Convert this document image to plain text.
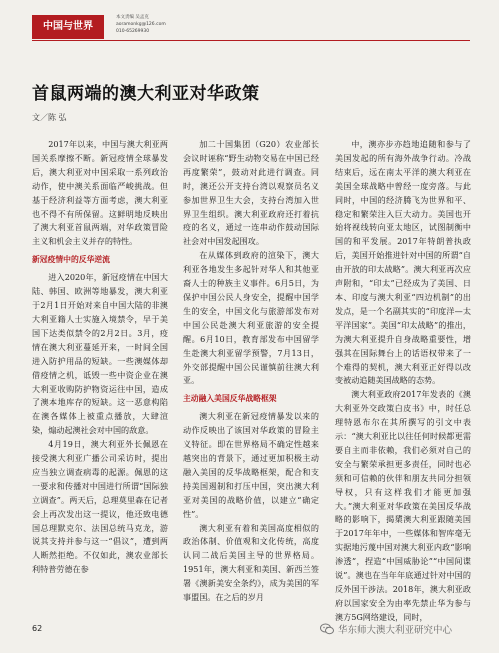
中国与世界
本文责编 吴孟克
aoramonkg@126.com
010-65269930
首鼠两端的澳大利亚对华政策
文／陈 弘

2017年以来，中国与澳大利亚两国关系摩擦不断。新冠疫情全球暴发后，澳大利亚对中国采取一系列政治动作，使中澳关系面临严峻挑战。但基于经济利益等方面考虑，澳大利亚也不得不有所保留。这鲜明地反映出了澳大利亚首鼠两端，对华政策冒险主义和机会主义并存的特性。

新冠疫情中的反华逆流

进入2020年，新冠疫情在中国大陆、韩国、欧洲等地暴发，澳大利亚于2月1日开始对来自中国大陆的非澳大利亚籍人士实施入境禁令，早于美国下达类似禁令的2月2日。3月，疫情在澳大利亚蔓延开来，一时间全国进入防护用品的短缺。一些澳媒体却借疫情之机，诋毁一些中资企业在澳大利亚收购防护物资运往中国，造成了澳本地库存的短缺。这一恶意构陷在澳各媒体上被重点播放，大肆渲染，煽动起澳社会对中国的敌意。

4月19日，澳大利亚外长佩恩在接受澳大利亚广播公司采访时，提出应当独立调查病毒的起源。佩恩的这一要求和传播对中国进行所谓“国际独立调查”。两天后，总理莫里森在记者会上再次发出这一提议，他还致电德国总理默克尔、法国总统马克龙，游说其支持并参与这一“倡议”，遭到两人断然拒绝。不仅如此，澳农业部长利特普劳德在参

加二十国集团（G20）农业部长会议时诬称“野生动物交易在中国已经再度繁荣”，鼓动对此进行调查。同时，澳还公开支持台湾以观察员名义参加世界卫生大会，支持台湾加入世界卫生组织。澳大利亚政府还打着抗疫的名义，通过一连串动作鼓动国际社会对中国发起围攻。

在从媒体到政府的渲染下，澳大利亚各地发生多起针对华人和其他亚裔人士的种族主义事件。6月5日，为保护中国公民人身安全，提醒中国学生的安全，中国文化与旅游部发布对中国公民赴澳大利亚旅游的安全提醒。6月10日，教育部发布中国留学生赴澳大利亚留学预警，7月13日，外交部提醒中国公民谨慎前往澳大利亚。

主动融入美国反华战略框架

澳大利亚在新冠疫情暴发以来的动作反映出了该国对华政策的冒险主义特征。即在世界格局不确定性越来越突出的背景下，通过更加积极主动融入美国的反华战略框架，配合和支持美国遏制和打压中国，突出澳大利亚对美国的战略价值，以建立“确定性”。

澳大利亚有着和美国高度相似的政治体制、价值观和文化传统，高度认同二战后美国主导的世界格局。1951年，澳大利亚和美国、新西兰签署《澳新美安全条约》，成为美国的军事盟国。在之后的岁月

中，澳亦步亦趋地追随和参与了美国发起的所有海外战争行动。冷战结束后，远在南太平洋的澳大利亚在美国全球战略中曾经一度旁落。与此同时，中国的经济腾飞为世界和平、稳定和繁荣注入巨大动力。美国也开始将视线转向亚太地区，试图制衡中国的和平发展。2017年特朗普执政后，美国开始推进针对中国的所谓“自由开放的印太战略”。澳大利亚再次应声附和，“印太”已经成为了美国、日本、印度与澳大利亚“四边机制”的出发点，是一个名副其实的“印度洋—太平洋国家”。美国“印太战略”的推出，为澳大利亚提升自身战略重要性，增强其在国际舞台上的话语权带来了一个难得的契机，澳大利亚正好得以改变被动追随美国战略的态势。

澳大利亚政府2017年发表的《澳大利亚外交政策白皮书》中，时任总理特恩布尔在其所撰写的引文中表示：“澳大利亚比以往任何时候都更需要自主而非依赖，我们必须对自己的安全与繁荣承担更多责任，同时也必须和可信赖的伙伴和朋友共同分担领导权，只有这样我们才能更加强大。”澳大利亚对华政策在美国反华战略的影响下，揭橥澳大利亚跟随美国于2017年年中，一些媒体和智库毫无实据地污蔑中国对澳大利亚内政“影响渗透”，捏造“中国威胁论”“中国间谍说”。澳也在当年年底通过针对中国的反外国干涉法。2018年，澳大利亚政府以国家安全为由率先禁止华为参与澳方5G网络建设，同时，

62	华东师大澳大利亚研究中心
